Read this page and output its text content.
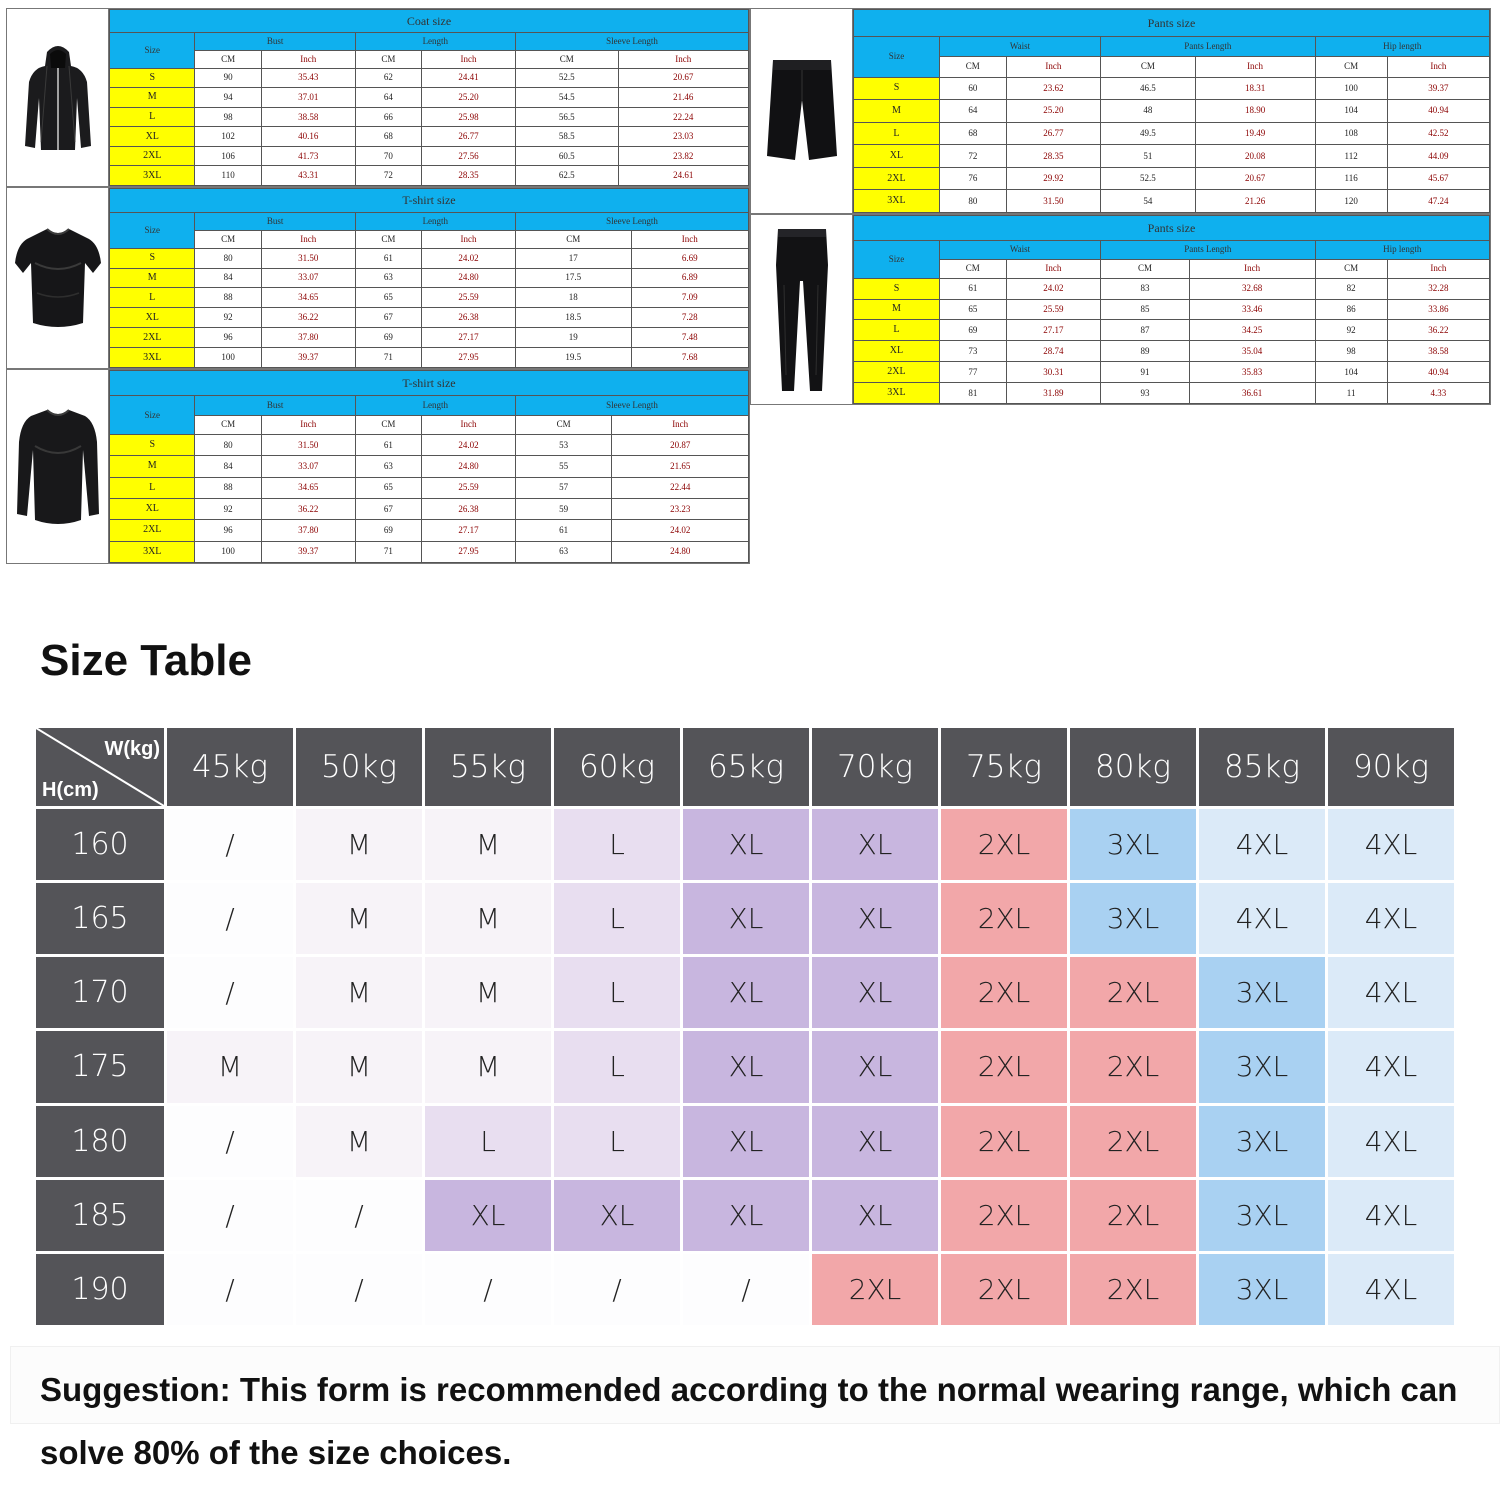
Coat size						
Size	Bust		Length		Sleeve Length	
	CM	Inch	CM	Inch	CM	Inch
S	90	35.43	62	24.41	52.5	20.67
M	94	37.01	64	25.20	54.5	21.46
L	98	38.58	66	25.98	56.5	22.24
XL	102	40.16	68	26.77	58.5	23.03
2XL	106	41.73	70	27.56	60.5	23.82
3XL	110	43.31	72	28.35	62.5	24.61
T-shirt size						
Size	Bust		Length		Sleeve Length	
	CM	Inch	CM	Inch	CM	Inch
S	80	31.50	61	24.02	17	6.69
M	84	33.07	63	24.80	17.5	6.89
L	88	34.65	65	25.59	18	7.09
XL	92	36.22	67	26.38	18.5	7.28
2XL	96	37.80	69	27.17	19	7.48
3XL	100	39.37	71	27.95	19.5	7.68
T-shirt size						
Size	Bust		Length		Sleeve Length	
	CM	Inch	CM	Inch	CM	Inch
S	80	31.50	61	24.02	53	20.87
M	84	33.07	63	24.80	55	21.65
L	88	34.65	65	25.59	57	22.44
XL	92	36.22	67	26.38	59	23.23
2XL	96	37.80	69	27.17	61	24.02
3XL	100	39.37	71	27.95	63	24.80
Pants size						
Size	Waist		Pants Length		Hip length	
	CM	Inch	CM	Inch	CM	Inch
S	60	23.62	46.5	18.31	100	39.37
M	64	25.20	48	18.90	104	40.94
L	68	26.77	49.5	19.49	108	42.52
XL	72	28.35	51	20.08	112	44.09
2XL	76	29.92	52.5	20.67	116	45.67
3XL	80	31.50	54	21.26	120	47.24
Pants size						
Size	Waist		Pants Length		Hip length	
	CM	Inch	CM	Inch	CM	Inch
S	61	24.02	83	32.68	82	32.28
M	65	25.59	85	33.46	86	33.86
L	69	27.17	87	34.25	92	36.22
XL	73	28.74	89	35.04	98	38.58
2XL	77	30.31	91	35.83	104	40.94
3XL	81	31.89	93	36.61	11	4.33
Size Table
W(kg)
H(cm)
45kg	50kg	55kg	60kg	65kg	70kg	75kg	80kg	85kg	90kg
160	/	M	M	L	XL	XL	2XL	3XL	4XL	4XL
165	/	M	M	L	XL	XL	2XL	3XL	4XL	4XL
170	/	M	M	L	XL	XL	2XL	2XL	3XL	4XL
175	M	M	M	L	XL	XL	2XL	2XL	3XL	4XL
180	/	M	L	L	XL	XL	2XL	2XL	3XL	4XL
185	/	/	XL	XL	XL	XL	2XL	2XL	3XL	4XL
190	/	/	/	/	/	2XL	2XL	2XL	3XL	4XL

Suggestion: This form is recommended according to the normal wearing range, which can solve 80% of the size choices.
